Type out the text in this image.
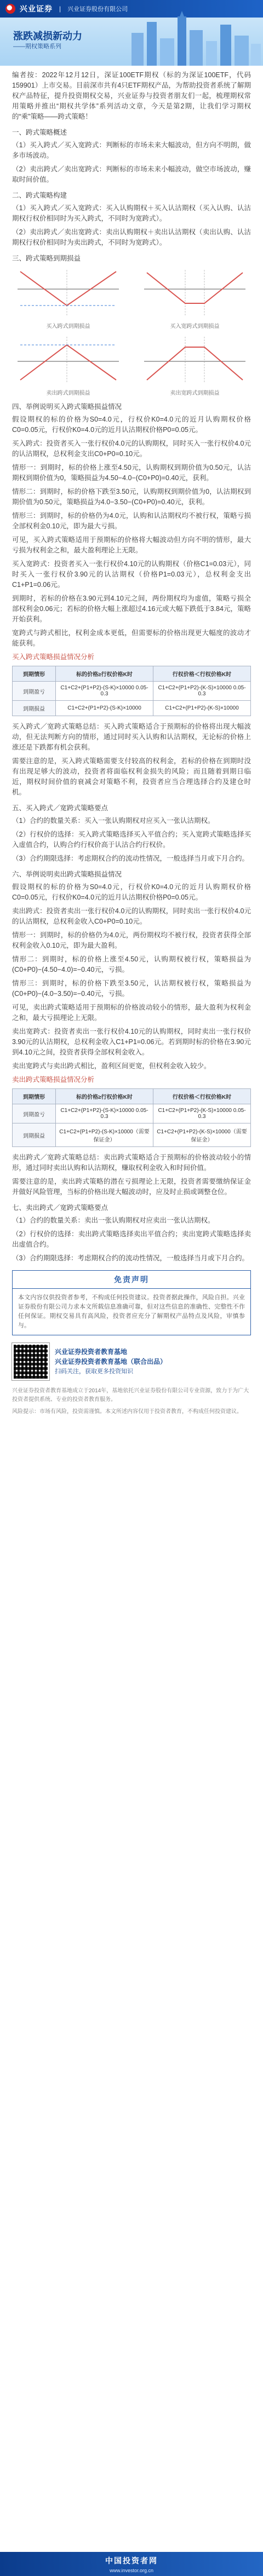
兴业证券 | 兴业证券股份有限公司
涨跌减损新动力
——期权策略系列

编者按：2022年12月12日，深证100ETF期权（标的为深证100ETF，代码159901）上市交易。目前深市共有4只ETF期权产品，为帮助投资者系统了解期权产品特征，提升投资期权交易，兴业证券与投资者朋友们一起，梳理期权常用策略并推出“期权共学体”系列活动文章，今天是第2期，让我们学习期权的“乘”策略——跨式策略！

一、跨式策略概述

（1）买入跨式／买入宽跨式：判断标的市场未来大幅波动，但方向不明朗，做多市场波动。

（2）卖出跨式／卖出宽跨式：判断标的市场未来小幅波动，做空市场波动，赚取时间价值。

二、跨式策略构建

（1）买入跨式／买入宽跨式：买入认购期权＋买入认沽期权（买入认购、认沽期权行权价相同时为买入跨式，不同时为宽跨式）。

（2）卖出跨式／卖出宽跨式：卖出认购期权＋卖出认沽期权（卖出认购、认沽期权行权价相同时为卖出跨式，不同时为宽跨式）。

三、跨式策略到期损益

买入跨式到期损益	买入宽跨式到期损益
卖出跨式到期损益	卖出宽跨式到期损益

四、举例说明买入跨式策略损益情况

假设期权的标的价格为S0=4.0元，行权价K0=4.0元的近月认购期权价格C0=0.05元，行权价K0=4.0元的近月认沽期权价格P0=0.05元。

买入跨式：投资者买入一张行权价4.0元的认购期权，同时买入一张行权价4.0元的认沽期权，总权利金支出C0+P0=0.10元。

情形一：到期时，标的价格上涨至4.50元，认购期权到期价值为0.50元，认沽期权到期价值为0，策略损益为4.50−4.0−(C0+P0)=0.40元，获利。

情形二：到期时，标的价格下跌至3.50元，认购期权到期价值为0，认沽期权到期价值为0.50元，策略损益为4.0−3.50−(C0+P0)=0.40元，获利。

情形三：到期时，标的价格仍为4.0元，认购和认沽期权均不被行权，策略亏损全部权利金0.10元，即为最大亏损。

可见，买入跨式策略适用于预期标的价格将大幅波动但方向不明的情形，最大亏损为权利金之和，最大盈利理论上无限。

买入宽跨式：投资者买入一张行权价4.10元的认购期权（价格C1=0.03元），同时买入一张行权价3.90元的认沽期权（价格P1=0.03元），总权利金支出C1+P1=0.06元。

到期时，若标的价格在3.90元到4.10元之间，两份期权均为虚值，策略亏损全部权利金0.06元；若标的价格大幅上涨超过4.16元或大幅下跌低于3.84元，策略开始获利。

宽跨式与跨式相比，权利金成本更低，但需要标的价格出现更大幅度的波动才能获利。

买入跨式策略损益情况分析

到期情形	标的价格≥行权价格K时	行权价格＜行权价格K时
到期盈亏	C1+C2+(P1+P2)-(S-K)×10000 0.05-0.3	C1+C2+(P1+P2)-(K-S)×10000 0.05-0.3
到期损益	C1+C2+(P1+P2)-(S-K)×10000	C1+C2+(P1+P2)-(K-S)×10000

买入跨式／宽跨式策略总结：买入跨式策略适合于预期标的价格将出现大幅波动，但无法判断方向的情形，通过同时买入认购和认沽期权，无论标的价格上涨还是下跌都有机会获利。

需要注意的是，买入跨式策略需要支付较高的权利金，若标的价格在到期时没有出现足够大的波动，投资者将面临权利金损失的风险；而且随着到期日临近，期权时间价值的衰减会对策略不利，投资者应当合理选择合约及建仓时机。

五、买入跨式／宽跨式策略要点

（1）合约的数量关系：买入一张认购期权对应买入一张认沽期权。

（2）行权价的选择：买入跨式策略选择买入平值合约；买入宽跨式策略选择买入虚值合约，认购合约行权价高于认沽合约行权价。

（3）合约期限选择：考虑期权合约的流动性情况，一般选择当月或下月合约。

六、举例说明卖出跨式策略损益情况

假设期权的标的价格为S0=4.0元，行权价K0=4.0元的近月认购期权价格C0=0.05元，行权价K0=4.0元的近月认沽期权价格P0=0.05元。

卖出跨式：投资者卖出一张行权价4.0元的认购期权，同时卖出一张行权价4.0元的认沽期权，总权利金收入C0+P0=0.10元。

情形一：到期时，标的价格仍为4.0元，两份期权均不被行权，投资者获得全部权利金收入0.10元，即为最大盈利。

情形二：到期时，标的价格上涨至4.50元，认购期权被行权，策略损益为(C0+P0)−(4.50−4.0)=−0.40元，亏损。

情形三：到期时，标的价格下跌至3.50元，认沽期权被行权，策略损益为(C0+P0)−(4.0−3.50)=−0.40元，亏损。

可见，卖出跨式策略适用于预期标的价格波动较小的情形，最大盈利为权利金之和，最大亏损理论上无限。

卖出宽跨式：投资者卖出一张行权价4.10元的认购期权，同时卖出一张行权价3.90元的认沽期权，总权利金收入C1+P1=0.06元。若到期时标的价格在3.90元到4.10元之间，投资者获得全部权利金收入。

卖出宽跨式与卖出跨式相比，盈利区间更宽，但权利金收入较少。

卖出跨式策略损益情况分析

到期情形	标的价格≥行权价格K时	行权价格＜行权价格K时
到期盈亏	C1+C2+(P1+P2)-(S-K)×10000 0.05-0.3	C1+C2+(P1+P2)-(K-S)×10000 0.05-0.3
到期损益	C1+C2+(P1+P2)-(S-K)×10000（需要保证金）	C1+C2+(P1+P2)-(K-S)×10000（需要保证金）

卖出跨式／宽跨式策略总结：卖出跨式策略适合于预期标的价格波动较小的情形，通过同时卖出认购和认沽期权，赚取权利金收入和时间价值。

需要注意的是，卖出跨式策略的潜在亏损理论上无限，投资者需要缴纳保证金并做好风险管理，当标的价格出现大幅波动时，应及时止损或调整仓位。

七、卖出跨式／宽跨式策略要点

（1）合约的数量关系：卖出一张认购期权对应卖出一张认沽期权。

（2）行权价的选择：卖出跨式策略选择卖出平值合约；卖出宽跨式策略选择卖出虚值合约。

（3）合约期限选择：考虑期权合约的流动性情况，一般选择当月或下月合约。

免责声明
本文内容仅供投资者参考，不构成任何投资建议。投资者据此操作，风险自担。兴业证券股份有限公司力求本文所载信息准确可靠，但对这些信息的准确性、完整性不作任何保证。期权交易具有高风险，投资者应充分了解期权产品特点及风险，审慎参与。
兴业证券投资者教育基地
兴业证券投资者教育基地（联合出品）
扫码关注，获取更多投资知识

兴业证券投资者教育基地成立于2014年，基地依托兴业证券股份有限公司专业资源，致力于为广大投资者提供系统、专业的投资者教育服务。

风险提示：市场有风险，投资需谨慎。本文所述内容仅用于投资者教育，不构成任何投资建议。

中国投资者网
www.investor.org.cn
